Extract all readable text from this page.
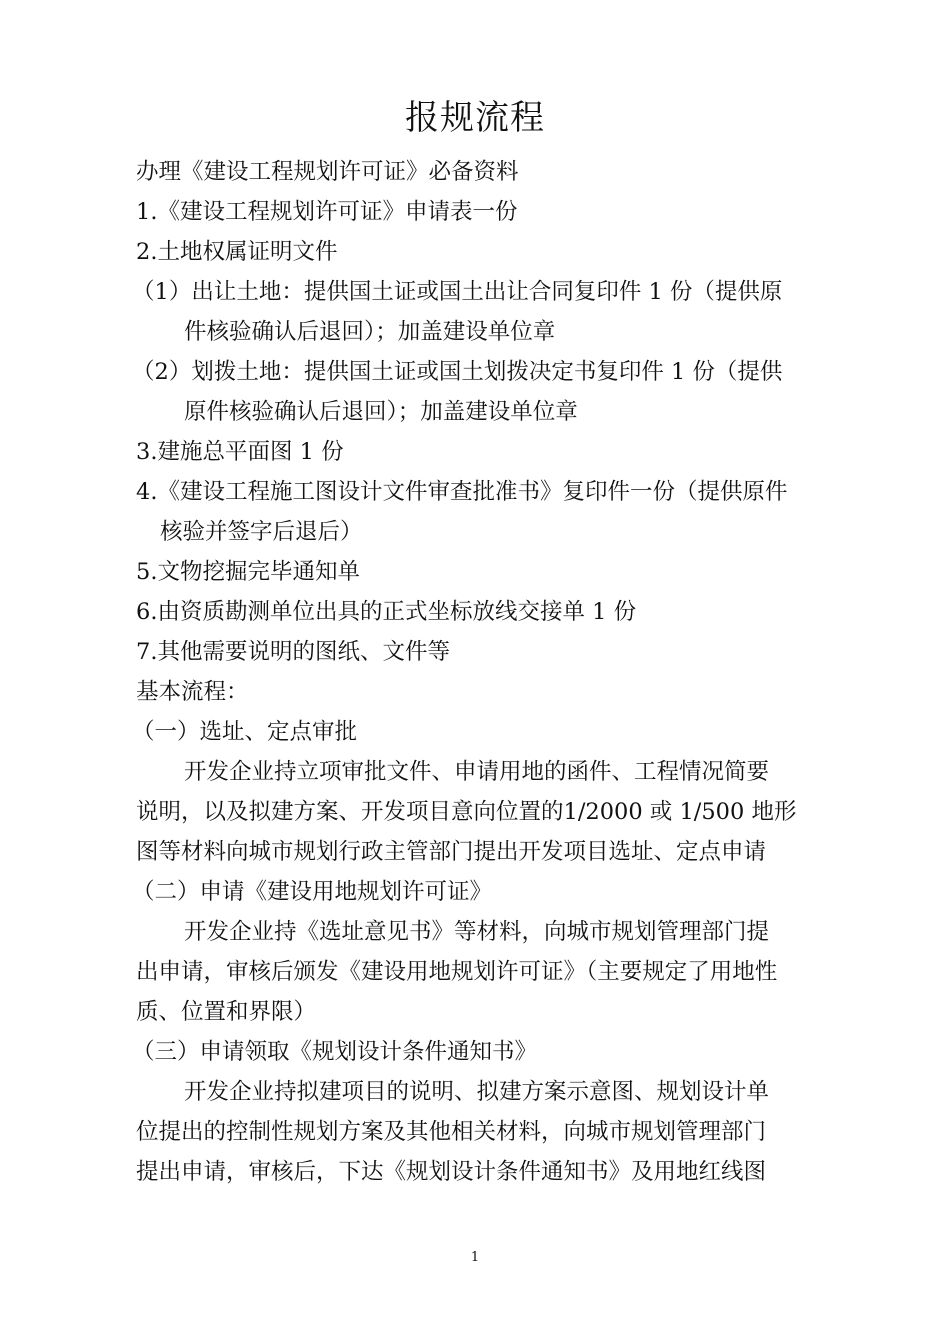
报规流程
办理《建设工程规划许可证》必备资料
1.《建设工程规划许可证》申请表一份
2.土地权属证明文件
（1）出让土地：提供国土证或国土出让合同复印件 1 份（提供原
件核验确认后退回）；加盖建设单位章
（2）划拨土地：提供国土证或国土划拨决定书复印件 1 份（提供
原件核验确认后退回）；加盖建设单位章
3.建施总平面图 1 份
4.《建设工程施工图设计文件审查批准书》复印件一份（提供原件
核验并签字后退后）
5.文物挖掘完毕通知单
6.由资质勘测单位出具的正式坐标放线交接单 1 份
7.其他需要说明的图纸、文件等
基本流程：
（一）选址、定点审批
开发企业持立项审批文件、申请用地的函件、工程情况简要
说明，以及拟建方案、开发项目意向位置的1/2000 或 1/500 地形
图等材料向城市规划行政主管部门提出开发项目选址、定点申请
（二）申请《建设用地规划许可证》
开发企业持《选址意见书》等材料，向城市规划管理部门提
出申请，审核后颁发《建设用地规划许可证》（主要规定了用地性
质、位置和界限）
（三）申请领取《规划设计条件通知书》
开发企业持拟建项目的说明、拟建方案示意图、规划设计单
位提出的控制性规划方案及其他相关材料，向城市规划管理部门
提出申请，审核后，下达《规划设计条件通知书》及用地红线图
1
